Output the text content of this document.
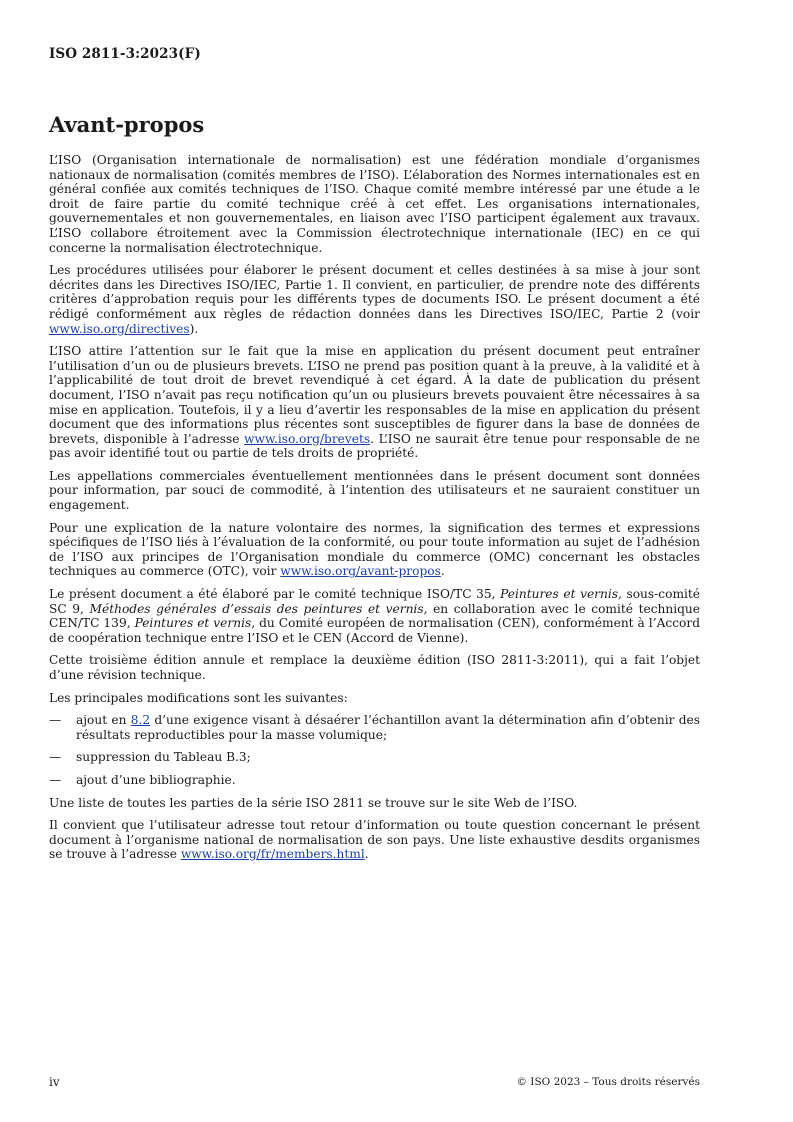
ISO 2811-3:2023(F)
Avant-propos

L’ISO (Organisation internationale de normalisation) est une fédération mondiale d’organismes nationaux de normalisation (comités membres de l’ISO). L’élaboration des Normes internationales est en général confiée aux comités techniques de l’ISO. Chaque comité membre intéressé par une étude a le droit de faire partie du comité technique créé à cet effet. Les organisations internationales, gouvernementales et non gouvernementales, en liaison avec l’ISO participent également aux travaux. L’ISO collabore étroitement avec la Commission électrotechnique internationale (IEC) en ce qui concerne la normalisation électrotechnique.

Les procédures utilisées pour élaborer le présent document et celles destinées à sa mise à jour sont décrites dans les Directives ISO/IEC, Partie 1. Il convient, en particulier, de prendre note des différents critères d’approbation requis pour les différents types de documents ISO. Le présent document a été rédigé conformément aux règles de rédaction données dans les Directives ISO/IEC, Partie 2 (voir www.iso.org/directives).

L’ISO attire l’attention sur le fait que la mise en application du présent document peut entraîner l’utilisation d’un ou de plusieurs brevets. L’ISO ne prend pas position quant à la preuve, à la validité et à l’applicabilité de tout droit de brevet revendiqué à cet égard. À la date de publication du présent document, l’ISO n’avait pas reçu notification qu’un ou plusieurs brevets pouvaient être nécessaires à sa mise en application. Toutefois, il y a lieu d’avertir les responsables de la mise en application du présent document que des informations plus récentes sont susceptibles de figurer dans la base de données de brevets, disponible à l’adresse www.iso.org/brevets. L’ISO ne saurait être tenue pour responsable de ne pas avoir identifié tout ou partie de tels droits de propriété.

Les appellations commerciales éventuellement mentionnées dans le présent document sont données pour information, par souci de commodité, à l’intention des utilisateurs et ne sauraient constituer un engagement.

Pour une explication de la nature volontaire des normes, la signification des termes et expressions spécifiques de l’ISO liés à l’évaluation de la conformité, ou pour toute information au sujet de l’adhésion de l’ISO aux principes de l’Organisation mondiale du commerce (OMC) concernant les obstacles techniques au commerce (OTC), voir www.iso.org/avant-propos.

Le présent document a été élaboré par le comité technique ISO/TC 35, Peintures et vernis, sous-comité SC 9, Méthodes générales d’essais des peintures et vernis, en collaboration avec le comité technique CEN/TC 139, Peintures et vernis, du Comité européen de normalisation (CEN), conformément à l’Accord de coopération technique entre l’ISO et le CEN (Accord de Vienne).

Cette troisième édition annule et remplace la deuxième édition (ISO 2811-3:2011), qui a fait l’objet d’une révision technique.

Les principales modifications sont les suivantes:

—	ajout en 8.2 d’une exigence visant à désaérer l’échantillon avant la détermination afin d’obtenir des résultats reproductibles pour la masse volumique;
—	suppression du Tableau B.3;
—	ajout d’une bibliographie.

Une liste de toutes les parties de la série ISO 2811 se trouve sur le site Web de l’ISO.

Il convient que l’utilisateur adresse tout retour d’information ou toute question concernant le présent document à l’organisme national de normalisation de son pays. Une liste exhaustive desdits organismes se trouve à l’adresse www.iso.org/fr/members.html.

iv	© ISO 2023 – Tous droits réservés
